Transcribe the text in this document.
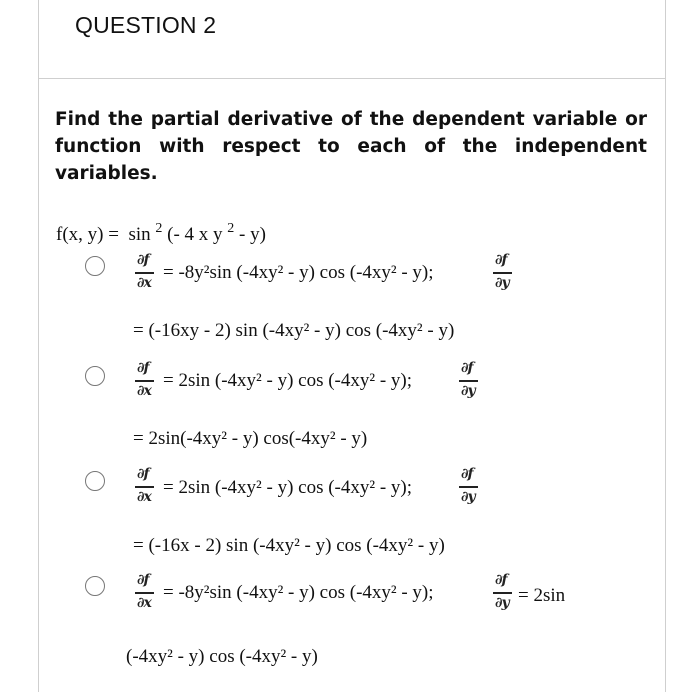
QUESTION 2
Find the partial derivative of the dependent variable or function with respect to each of the independent variables.
f(x, y) =  sin $^2$ (- 4 x y $^2$ - y)
∂f
∂x = -8y²sin (-4xy² - y) cos (-4xy² - y);
∂f
∂y
= (-16xy - 2) sin (-4xy² - y) cos (-4xy² - y)
∂f
∂x = 2sin (-4xy² - y) cos (-4xy² - y);
∂f
∂y
= 2sin(-4xy² - y) cos(-4xy² - y)
∂f
∂x = 2sin (-4xy² - y) cos (-4xy² - y);
∂f
∂y
= (-16x - 2) sin (-4xy² - y) cos (-4xy² - y)
∂f
∂x = -8y²sin (-4xy² - y) cos (-4xy² - y);
∂f
∂y = 2sin
(-4xy² - y) cos (-4xy² - y)
